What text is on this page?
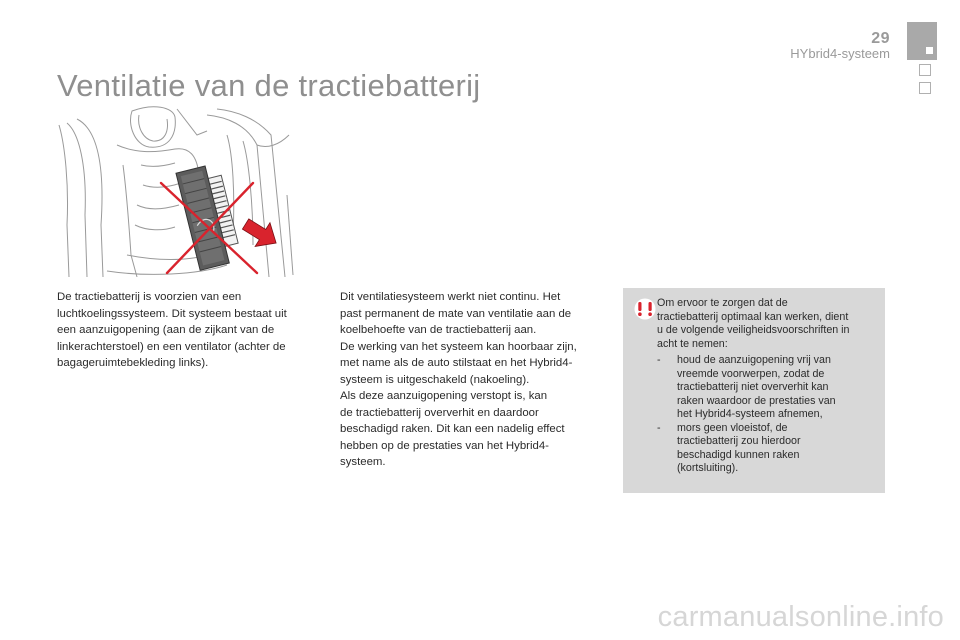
29
HYbrid4-systeem
Ventilatie van de tractiebatterij

De tractiebatterij is voorzien van een
luchtkoelingssysteem. Dit systeem bestaat uit
een aanzuigopening (aan de zijkant van de
linkerachterstoel) en een ventilator (achter de
bagageruimtebekleding links).

Dit ventilatiesysteem werkt niet continu. Het
past permanent de mate van ventilatie aan de
koelbehoefte van de tractiebatterij aan.
De werking van het systeem kan hoorbaar zijn,
met name als de auto stilstaat en het Hybrid4-
systeem is uitgeschakeld (nakoeling).
Als deze aanzuigopening verstopt is, kan
de tractiebatterij oververhit en daardoor
beschadigd raken. Dit kan een nadelig effect
hebben op de prestaties van het Hybrid4-
systeem.

Om ervoor te zorgen dat de
tractiebatterij optimaal kan werken, dient
u de volgende veiligheidsvoorschriften in
acht te nemen:

- houd de aanzuigopening vrij van
vreemde voorwerpen, zodat de
tractiebatterij niet oververhit kan
raken waardoor de prestaties van
het Hybrid4-systeem afnemen,
- mors geen vloeistof, de
tractiebatterij zou hierdoor
beschadigd kunnen raken
(kortsluiting).
carmanualsonline.info
